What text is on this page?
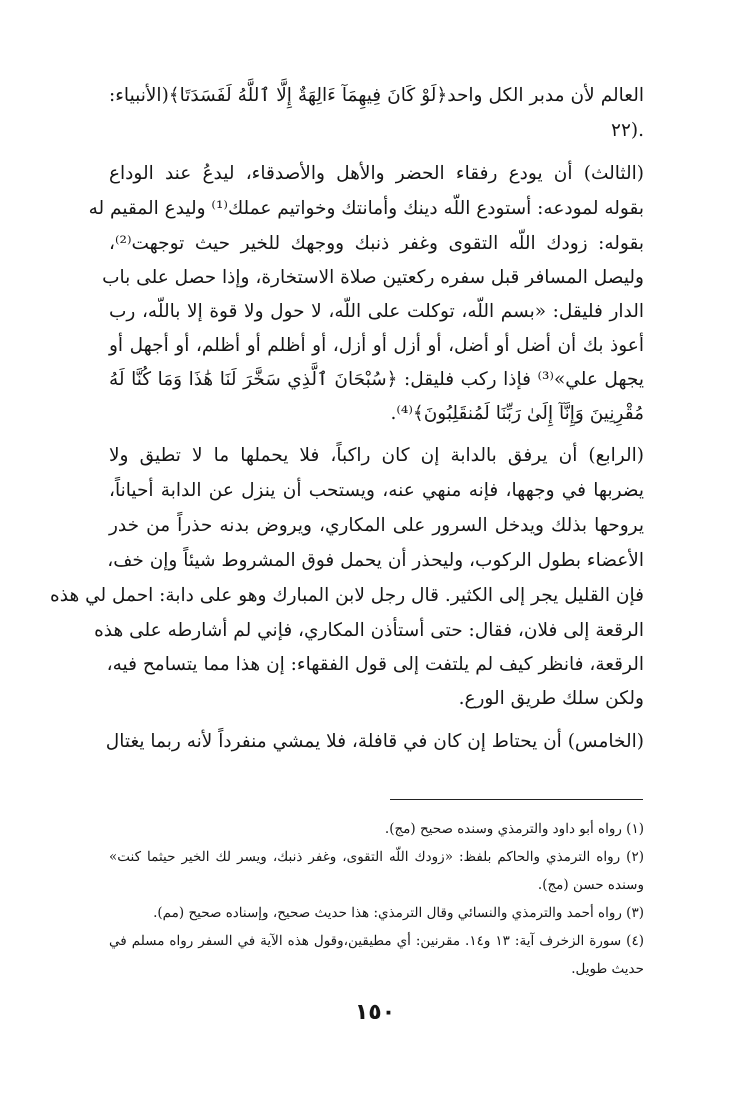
العالم لأن مدبر الكل واحد﴿لَوْ كَانَ فِيهِمَآ ءَالِهَةٌ إِلَّا ٱللَّهُ لَفَسَدَتَا﴾(الأنبياء:
.(٢٢
(الثالث) أن يودع رفقاء الحضر والأهل والأصدقاء، ليدعُ عند الوداع
بقوله لمودعه: أستودع اللّه دينك وأمانتك وخواتيم عملك⁽¹⁾ وليدع المقيم له
بقوله: زودك اللّه التقوى وغفر ذنبك ووجهك للخير حيث توجهت⁽²⁾،
وليصل المسافر قبل سفره ركعتين صلاة الاستخارة، وإذا حصل على باب
الدار فليقل: «بسم اللّه، توكلت على اللّه، لا حول ولا قوة إلا باللّه، رب
أعوذ بك أن أضل أو أضل، أو أزل أو أزل، أو أظلم أو أظلم، أو أجهل أو
يجهل علي»⁽³⁾ فإذا ركب فليقل: ﴿سُبْحَانَ ٱلَّذِي سَخَّرَ لَنَا هَٰذَا وَمَا كُنَّا لَهُ
مُقْرِنِينَ وَإِنَّآ إِلَىٰ رَبِّنَا لَمُنقَلِبُونَ﴾⁽⁴⁾.
(الرابع) أن يرفق بالدابة إن كان راكباً، فلا يحملها ما لا تطيق ولا
يضربها في وجهها، فإنه منهي عنه، ويستحب أن ينزل عن الدابة أحياناً،
يروحها بذلك ويدخل السرور على المكاري، ويروض بدنه حذراً من خدر
الأعضاء بطول الركوب، وليحذر أن يحمل فوق المشروط شيئاً وإن خف،
فإن القليل يجر إلى الكثير. قال رجل لابن المبارك وهو على دابة: احمل لي هذه
الرقعة إلى فلان، فقال: حتى أستأذن المكاري، فإني لم أشارطه على هذه
الرقعة، فانظر كيف لم يلتفت إلى قول الفقهاء: إن هذا مما يتسامح فيه،
ولكن سلك طريق الورع.
(الخامس) أن يحتاط إن كان في قافلة، فلا يمشي منفرداً لأنه ربما يغتال
(١) رواه أبو داود والترمذي وسنده صحيح (مج).
(٢) رواه الترمذي والحاكم بلفظ: «زودك اللّه التقوى، وغفر ذنبك، ويسر لك الخير حيثما كنت»
وسنده حسن (مج).
(٣) رواه أحمد والترمذي والنسائي وقال الترمذي: هذا حديث صحيح، وإسناده صحيح (مم).
(٤) سورة الزخرف آية: ١٣ و١٤. مقرنين: أي مطيقين،وقول هذه الآية في السفر رواه مسلم في
حديث طويل.
١٥٠
